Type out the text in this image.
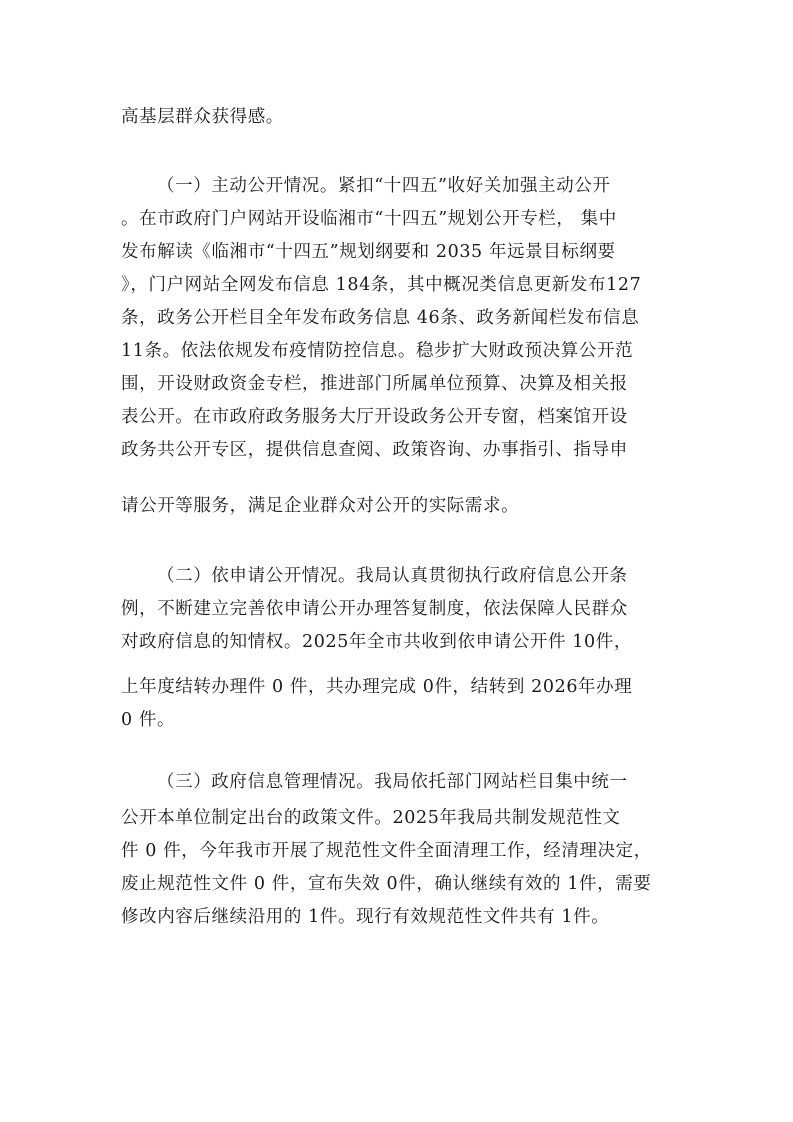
高基层群众获得感。
（一）主动公开情况。紧扣“十四五”收好关加强主动公开
。在市政府门户网站开设临湘市“十四五”规划公开专栏， 集中
发布解读《临湘市“十四五”规划纲要和 2035 年远景目标纲要
》，门户网站全网发布信息 184条，其中概况类信息更新发布127
条，政务公开栏目全年发布政务信息 46条、政务新闻栏发布信息
11条。依法依规发布疫情防控信息。稳步扩大财政预决算公开范
围，开设财政资金专栏，推进部门所属单位预算、决算及相关报
表公开。在市政府政务服务大厅开设政务公开专窗，档案馆开设
政务共公开专区，提供信息查阅、政策咨询、办事指引、指导申
请公开等服务，满足企业群众对公开的实际需求。
（二）依申请公开情况。我局认真贯彻执行政府信息公开条
例，不断建立完善依申请公开办理答复制度，依法保障人民群众
对政府信息的知情权。2025年全市共收到依申请公开件 10件，
上年度结转办理件 0 件，共办理完成 0件，结转到 2026年办理
0 件。
（三）政府信息管理情况。我局依托部门网站栏目集中统一
公开本单位制定出台的政策文件。2025年我局共制发规范性文
件 0 件，今年我市开展了规范性文件全面清理工作，经清理决定，
废止规范性文件 0 件，宣布失效 0件，确认继续有效的 1件，需要
修改内容后继续沿用的 1件。现行有效规范性文件共有 1件。
